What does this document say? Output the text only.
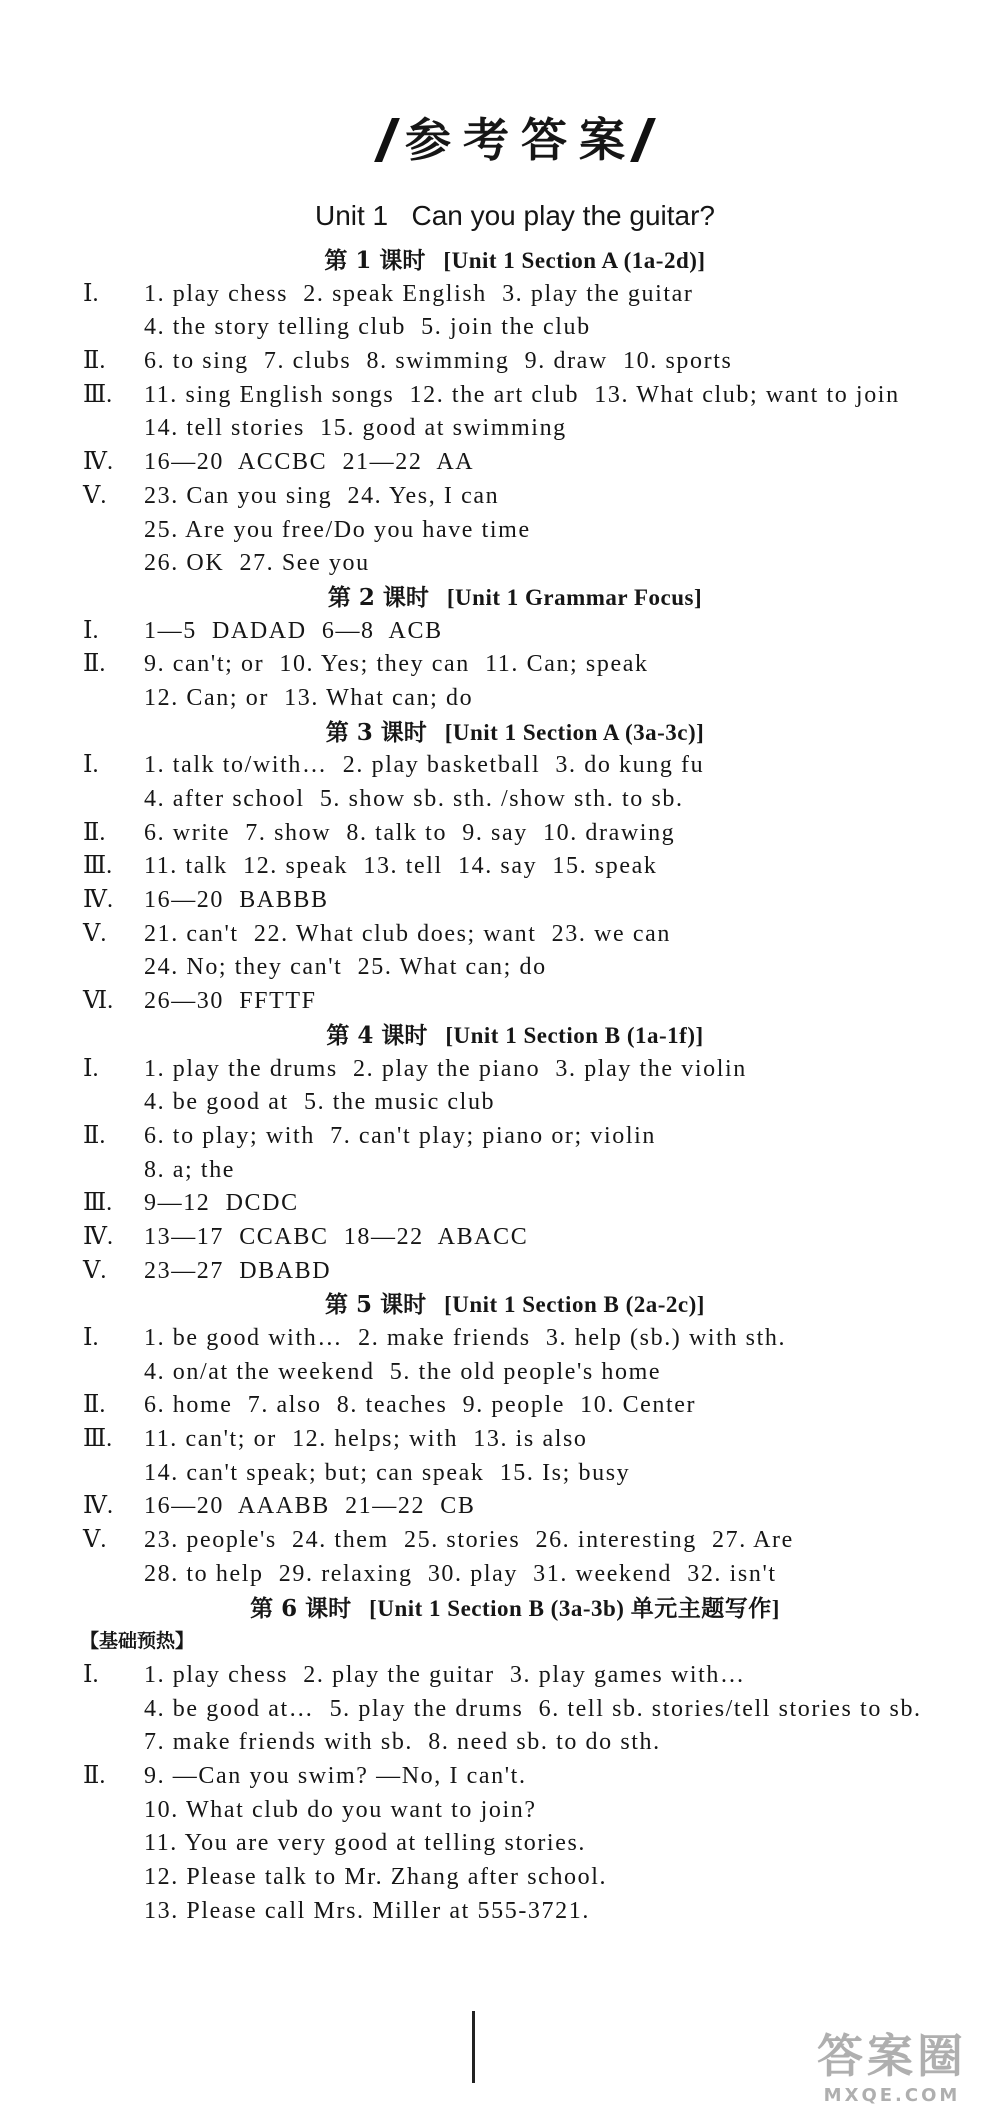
参考答案
Unit 1   Can you play the guitar?
第 1 课时 [Unit 1 Section A (1a-2d)]
Ⅰ.	1. play chess  2. speak English  3. play the guitar
4. the story telling club  5. join the club
Ⅱ.	6. to sing  7. clubs  8. swimming  9. draw  10. sports
Ⅲ.	11. sing English songs  12. the art club  13. What club; want to join
14. tell stories  15. good at swimming
Ⅳ.	16—20  ACCBC  21—22  AA
Ⅴ.	23. Can you sing  24. Yes, I can
25. Are you free/Do you have time
26. OK  27. See you
第 2 课时 [Unit 1 Grammar Focus]
Ⅰ.	1—5  DADAD  6—8  ACB
Ⅱ.	9. can't; or  10. Yes; they can  11. Can; speak
12. Can; or  13. What can; do
第 3 课时 [Unit 1 Section A (3a-3c)]
Ⅰ.	1. talk to/with…  2. play basketball  3. do kung fu
4. after school  5. show sb. sth. /show sth. to sb.
Ⅱ.	6. write  7. show  8. talk to  9. say  10. drawing
Ⅲ.	11. talk  12. speak  13. tell  14. say  15. speak
Ⅳ.	16—20  BABBB
Ⅴ.	21. can't  22. What club does; want  23. we can
24. No; they can't  25. What can; do
Ⅵ.	26—30  FFTTF
第 4 课时 [Unit 1 Section B (1a-1f)]
Ⅰ.	1. play the drums  2. play the piano  3. play the violin
4. be good at  5. the music club
Ⅱ.	6. to play; with  7. can't play; piano or; violin
8. a; the
Ⅲ.	9—12  DCDC
Ⅳ.	13—17  CCABC  18—22  ABACC
Ⅴ.	23—27  DBABD
第 5 课时 [Unit 1 Section B (2a-2c)]
Ⅰ.	1. be good with…  2. make friends  3. help (sb.) with sth.
4. on/at the weekend  5. the old people's home
Ⅱ.	6. home  7. also  8. teaches  9. people  10. Center
Ⅲ.	11. can't; or  12. helps; with  13. is also
14. can't speak; but; can speak  15. Is; busy
Ⅳ.	16—20  AAABB  21—22  CB
Ⅴ.	23. people's  24. them  25. stories  26. interesting  27. Are
28. to help  29. relaxing  30. play  31. weekend  32. isn't
第 6 课时 [Unit 1 Section B (3a-3b) 单元主题写作]
【基础预热】
Ⅰ.	1. play chess  2. play the guitar  3. play games with…
4. be good at…  5. play the drums  6. tell sb. stories/tell stories to sb.
7. make friends with sb.  8. need sb. to do sth.
Ⅱ.	9. —Can you swim? —No, I can't.
10. What club do you want to join?
11. You are very good at telling stories.
12. Please talk to Mr. Zhang after school.
13. Please call Mrs. Miller at 555-3721.
答案圈
MXQE.COM
